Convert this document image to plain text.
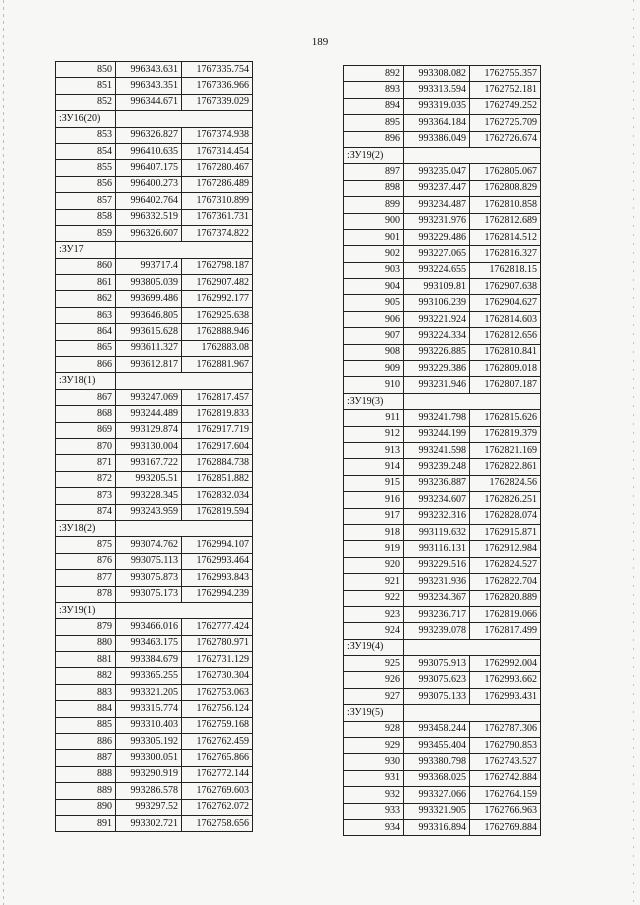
189
850	996343.631	1767335.754
851	996343.351	1767336.966
852	996344.671	1767339.029
:ЗУ16(20)		
853	996326.827	1767374.938
854	996410.635	1767314.454
855	996407.175	1767280.467
856	996400.273	1767286.489
857	996402.764	1767310.899
858	996332.519	1767361.731
859	996326.607	1767374.822
:ЗУ17		
860	993717.4	1762798.187
861	993805.039	1762907.482
862	993699.486	1762992.177
863	993646.805	1762925.638
864	993615.628	1762888.946
865	993611.327	1762883.08
866	993612.817	1762881.967
:ЗУ18(1)		
867	993247.069	1762817.457
868	993244.489	1762819.833
869	993129.874	1762917.719
870	993130.004	1762917.604
871	993167.722	1762884.738
872	993205.51	1762851.882
873	993228.345	1762832.034
874	993243.959	1762819.594
:ЗУ18(2)		
875	993074.762	1762994.107
876	993075.113	1762993.464
877	993075.873	1762993.843
878	993075.173	1762994.239
:ЗУ19(1)		
879	993466.016	1762777.424
880	993463.175	1762780.971
881	993384.679	1762731.129
882	993365.255	1762730.304
883	993321.205	1762753.063
884	993315.774	1762756.124
885	993310.403	1762759.168
886	993305.192	1762762.459
887	993300.051	1762765.866
888	993290.919	1762772.144
889	993286.578	1762769.603
890	993297.52	1762762.072
891	993302.721	1762758.656
892	993308.082	1762755.357
893	993313.594	1762752.181
894	993319.035	1762749.252
895	993364.184	1762725.709
896	993386.049	1762726.674
:ЗУ19(2)		
897	993235.047	1762805.067
898	993237.447	1762808.829
899	993234.487	1762810.858
900	993231.976	1762812.689
901	993229.486	1762814.512
902	993227.065	1762816.327
903	993224.655	1762818.15
904	993109.81	1762907.638
905	993106.239	1762904.627
906	993221.924	1762814.603
907	993224.334	1762812.656
908	993226.885	1762810.841
909	993229.386	1762809.018
910	993231.946	1762807.187
:ЗУ19(3)		
911	993241.798	1762815.626
912	993244.199	1762819.379
913	993241.598	1762821.169
914	993239.248	1762822.861
915	993236.887	1762824.56
916	993234.607	1762826.251
917	993232.316	1762828.074
918	993119.632	1762915.871
919	993116.131	1762912.984
920	993229.516	1762824.527
921	993231.936	1762822.704
922	993234.367	1762820.889
923	993236.717	1762819.066
924	993239.078	1762817.499
:ЗУ19(4)		
925	993075.913	1762992.004
926	993075.623	1762993.662
927	993075.133	1762993.431
:ЗУ19(5)		
928	993458.244	1762787.306
929	993455.404	1762790.853
930	993380.798	1762743.527
931	993368.025	1762742.884
932	993327.066	1762764.159
933	993321.905	1762766.963
934	993316.894	1762769.884
